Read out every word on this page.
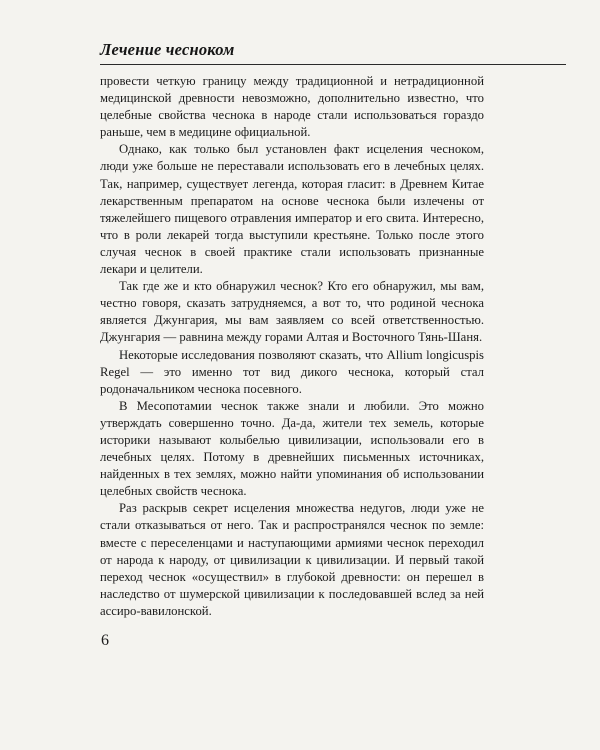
Лечение чесноком

провести четкую границу между традиционной и нетрадиционной медицинской древности невозможно, дополнительно известно, что целебные свойства чеснока в народе стали использоваться гораздо раньше, чем в медицине официальной.

Однако, как только был установлен факт исцеления чесноком, люди уже больше не переставали использовать его в лечебных целях. Так, например, существует легенда, которая гласит: в Древнем Китае лекарственным препаратом на основе чеснока были излечены от тяжелейшего пищевого отравления император и его свита. Интересно, что в роли лекарей тогда выступили крестьяне. Только после этого случая чеснок в своей практике стали использовать признанные лекари и целители.

Так где же и кто обнаружил чеснок? Кто его обнаружил, мы вам, честно говоря, сказать затрудняемся, а вот то, что родиной чеснока является Джунгария, мы вам заявляем со всей ответственностью. Джунгария — равнина между горами Алтая и Восточного Тянь-Шаня.

Некоторые исследования позволяют сказать, что Allium longicuspis Regel — это именно тот вид дикого чеснока, который стал родоначальником чеснока посевного.

В Месопотамии чеснок также знали и любили. Это можно утверждать совершенно точно. Да-да, жители тех земель, которые историки называют колыбелью цивилизации, использовали его в лечебных целях. Потому в древнейших письменных источниках, найденных в тех землях, можно найти упоминания об использовании целебных свойств чеснока.

Раз раскрыв секрет исцеления множества недугов, люди уже не стали отказываться от него. Так и распространялся чеснок по земле: вместе с переселенцами и наступающими армиями чеснок переходил от народа к народу, от цивилизации к цивилизации. И первый такой переход чеснок «осуществил» в глубокой древности: он перешел в наследство от шумерской цивилизации к последовавшей вслед за ней ассиро-вавилонской.

6
